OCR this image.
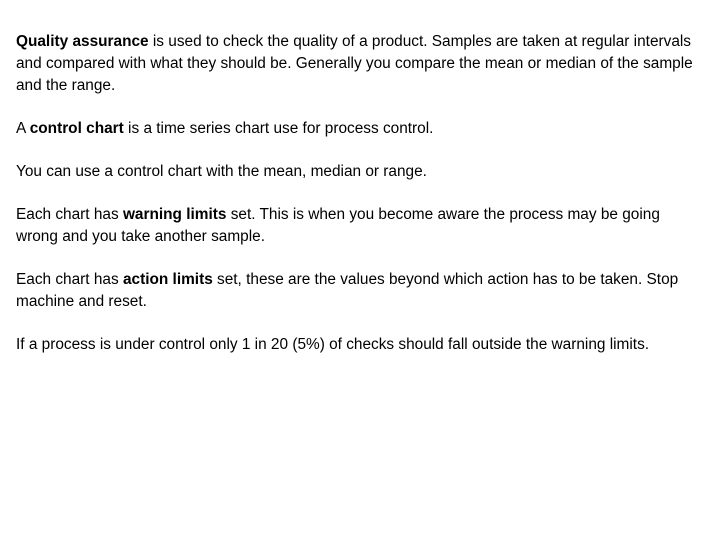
Quality assurance is used to check the quality of a product. Samples are taken at regular intervals and compared with what they should be. Generally you compare the mean or median of the sample and the range.

A control chart is a time series chart use for process control.

You can use a control chart with the mean, median or range.

Each chart has warning limits set. This is when you become aware the process may be going wrong and you take another sample.

Each chart has action limits set, these are the values beyond which action has to be taken. Stop machine and reset.

If a process is under control only 1 in 20 (5%) of checks should fall outside the warning limits.
